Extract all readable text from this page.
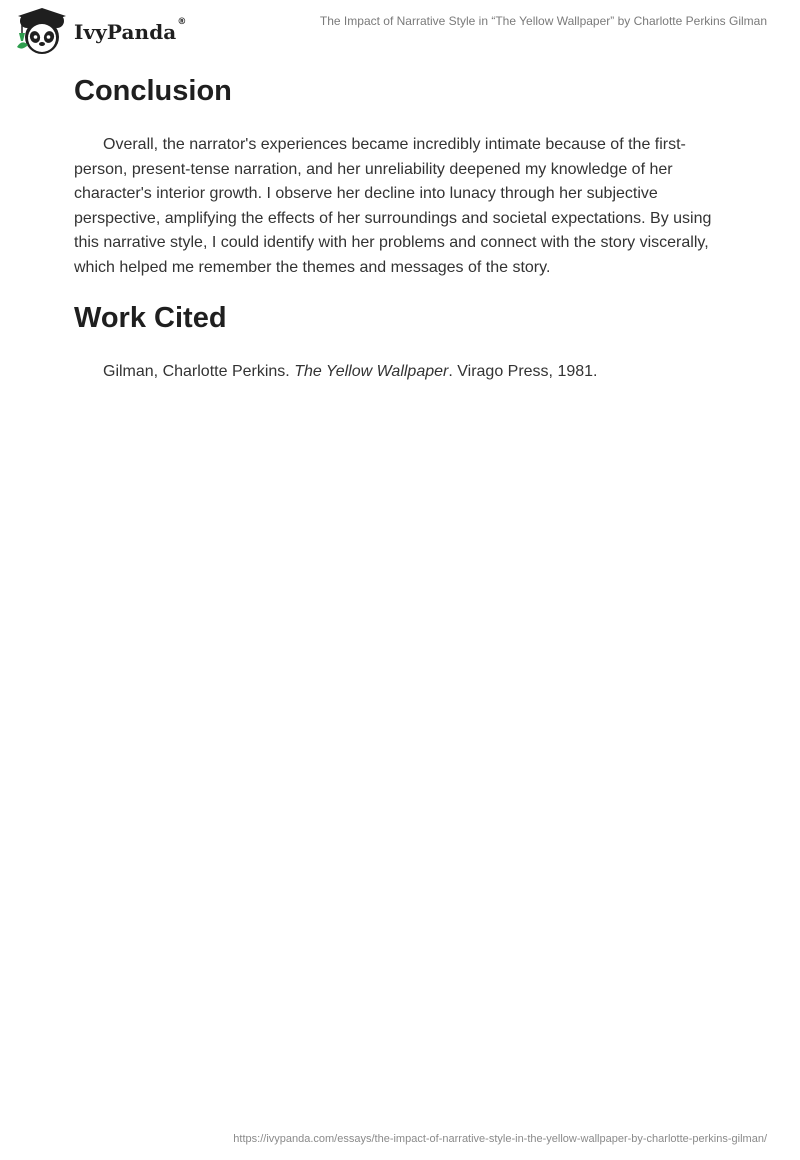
IvyPanda®	The Impact of Narrative Style in “The Yellow Wallpaper” by Charlotte Perkins Gilman
Conclusion

Overall, the narrator's experiences became incredibly intimate because of the first-person, present-tense narration, and her unreliability deepened my knowledge of her character's interior growth. I observe her decline into lunacy through her subjective perspective, amplifying the effects of her surroundings and societal expectations. By using this narrative style, I could identify with her problems and connect with the story viscerally, which helped me remember the themes and messages of the story.

Work Cited

Gilman, Charlotte Perkins. The Yellow Wallpaper. Virago Press, 1981.

https://ivypanda.com/essays/the-impact-of-narrative-style-in-the-yellow-wallpaper-by-charlotte-perkins-gilman/
